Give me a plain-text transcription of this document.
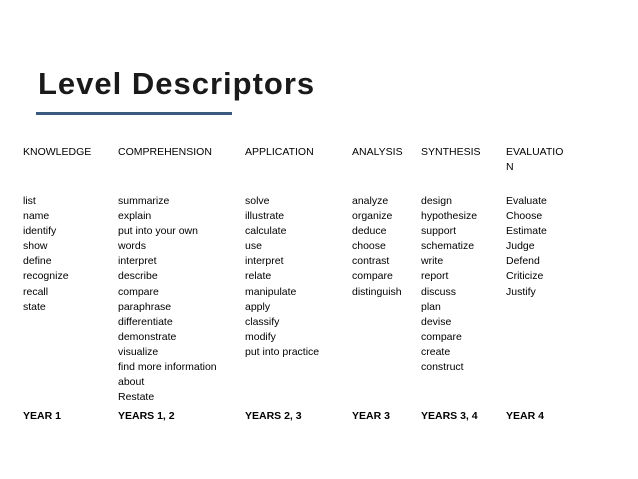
Level Descriptors
KNOWLEDGE
list
name
identify
show
define
recognize
recall
state
YEAR 1
COMPREHENSION
summarize
explain
put into your own
words
interpret
describe
compare
paraphrase
differentiate
demonstrate
visualize
find more information
about
Restate
YEARS 1, 2
APPLICATION
solve
illustrate
calculate
use
interpret
relate
manipulate
apply
classify
modify
put into practice
YEARS 2, 3
ANALYSIS
analyze
organize
deduce
choose
contrast
compare
distinguish
YEAR 3
SYNTHESIS
design
hypothesize
support
schematize
write
report
discuss
plan
devise
compare
create
construct
YEARS 3, 4
EVALUATIO
N
Evaluate
Choose
Estimate
Judge
Defend
Criticize
Justify
YEAR 4
